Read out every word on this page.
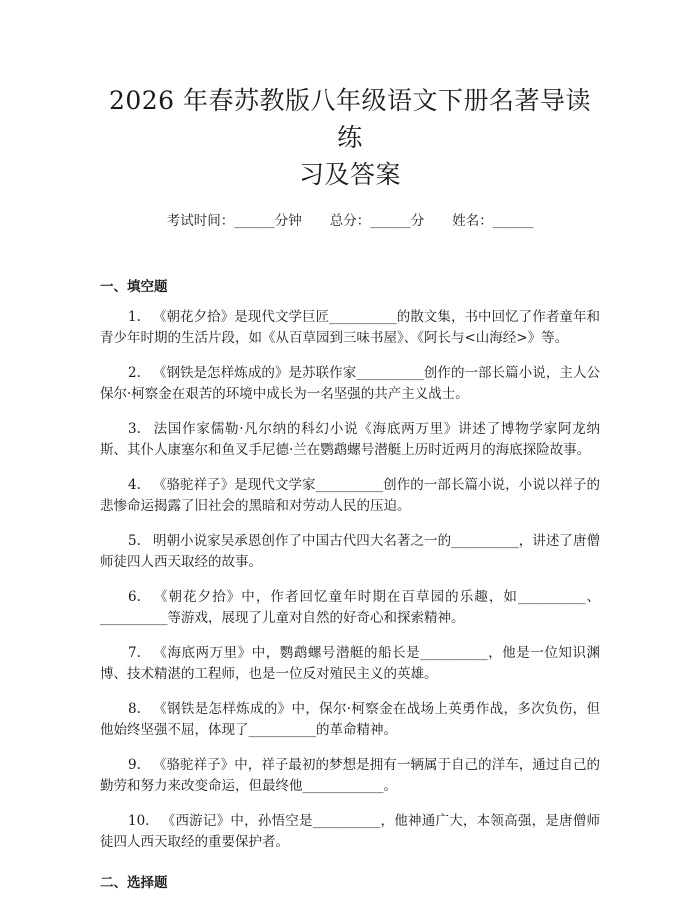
2026 年春苏教版八年级语文下册名著导读练
习及答案
考试时间：______分钟 总分：______分 姓名：______
一、填空题

1. 《朝花夕拾》是现代文学巨匠__________的散文集，书中回忆了作者童年和青少年时期的生活片段，如《从百草园到三味书屋》、《阿长与<山海经>》等。

2. 《钢铁是怎样炼成的》是苏联作家__________创作的一部长篇小说，主人公保尔·柯察金在艰苦的环境中成长为一名坚强的共产主义战士。

3. 法国作家儒勒·凡尔纳的科幻小说《海底两万里》讲述了博物学家阿龙纳斯、其仆人康塞尔和鱼叉手尼德·兰在鹦鹉螺号潜艇上历时近两月的海底探险故事。

4. 《骆驼祥子》是现代文学家__________创作的一部长篇小说，小说以祥子的悲惨命运揭露了旧社会的黑暗和对劳动人民的压迫。

5. 明朝小说家吴承恩创作了中国古代四大名著之一的__________，讲述了唐僧师徒四人西天取经的故事。

6. 《朝花夕拾》中，作者回忆童年时期在百草园的乐趣，如__________、__________等游戏，展现了儿童对自然的好奇心和探索精神。

7. 《海底两万里》中，鹦鹉螺号潜艇的船长是__________，他是一位知识渊博、技术精湛的工程师，也是一位反对殖民主义的英雄。

8. 《钢铁是怎样炼成的》中，保尔·柯察金在战场上英勇作战，多次负伤，但他始终坚强不屈，体现了__________的革命精神。

9. 《骆驼祥子》中，祥子最初的梦想是拥有一辆属于自己的洋车，通过自己的勤劳和努力来改变命运，但最终他____________。

10. 《西游记》中，孙悟空是__________，他神通广大，本领高强，是唐僧师徒四人西天取经的重要保护者。

二、选择题
